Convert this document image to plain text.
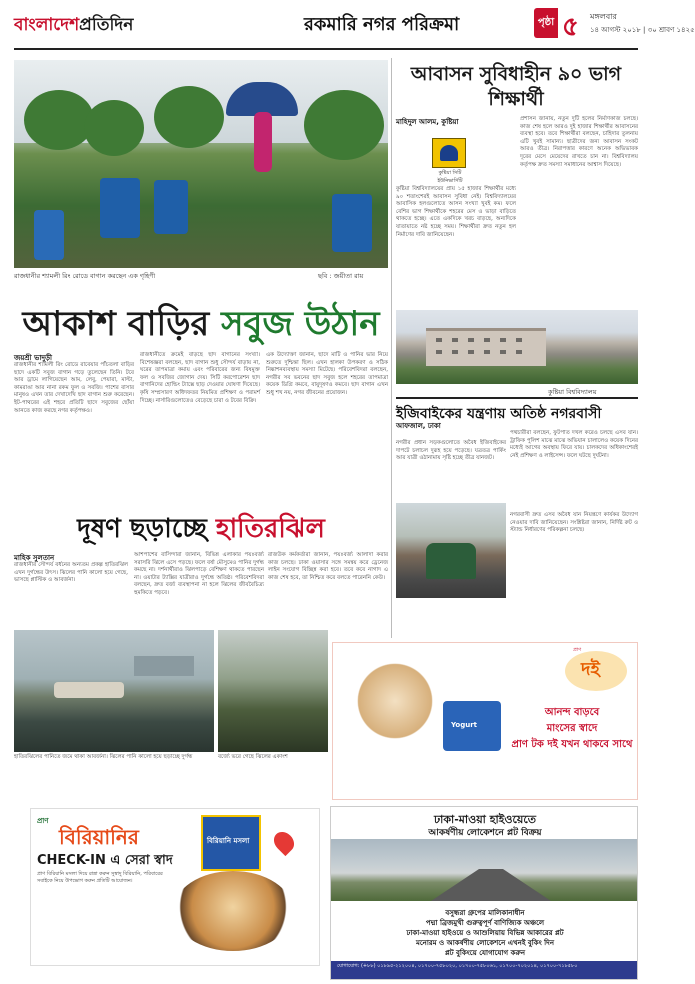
বাংলাদেশপ্রতিদিন	রকমারি নগর পরিক্রমা	পৃষ্ঠা ৫ মঙ্গলবার
১৪ আগস্ট ২০১৮ | ৩০ শ্রাবণ ১৪২৫
রাজধানীর শ্যামলী রিং রোডে বাগান করছেন এক গৃহিণী	ছবি : জয়ীতা রায়
আকাশ বাড়ির সবুজ উঠান
জয়শ্রী ভাদুড়ী
রাজধানীর শ্যামলী রিং রোডে রাবেয়ার পাঁচতলা বাড়ির ছাদে একটি সবুজ বাগান গড়ে তুলেছেন তিনি। টবে আর ড্রামে লাগিয়েছেন আম, লেবু, পেয়ারা, মাল্টা, কামরাঙা আর নানা রকম ফুল ও সবজি। পাশের বাসার মানুষও এখন তার দেখাদেখি ছাদ বাগান শুরু করেছেন। ইট-পাথরের এই শহরে প্রতিটি ছাদে সবুজের ছোঁয়া আনতে কাজ করছে নগর কর্তৃপক্ষও।
রাজধানীতে ক্রমেই বাড়ছে ছাদ বাগানের সংখ্যা। বিশেষজ্ঞরা বলছেন, ছাদ বাগান শুধু সৌন্দর্য বাড়ায় না, ঘরের তাপমাত্রা কমায় এবং পরিবারের জন্য বিষমুক্ত ফল ও সবজির জোগান দেয়। সিটি করপোরেশন ছাদ বাগানিদের হোল্ডিং ট্যাক্সে ছাড় দেওয়ার ঘোষণা দিয়েছে। কৃষি সম্প্রসারণ অধিদফতর নিয়মিত প্রশিক্ষণ ও পরামর্শ দিচ্ছে। নার্সারিগুলোতেও বেড়েছে চারা ও টবের বিক্রি।
এক উদ্যোক্তা জানান, ছাদে মাটি ও পানির ভার নিয়ে শুরুতে দুশ্চিন্তা ছিল। এখন হালকা উপকরণ ও সঠিক নিষ্কাশনব্যবস্থায় সমস্যা মিটেছে। পরিবেশবিদরা বলছেন, নগরীর সব ভবনের ছাদ সবুজ হলে শহরের তাপমাত্রা কয়েক ডিগ্রি কমবে, বায়ুদূষণও কমবে। ছাদ বাগান এখন শুধু শখ নয়, নগর জীবনের প্রয়োজন।
আবাসন সুবিধাহীন ৯০ ভাগ শিক্ষার্থী
মাহিদুল আলম, কুষ্টিয়া
কুষ্টিয়া সিটি ইউনিভার্সিটি
কুষ্টিয়া বিশ্ববিদ্যালয়ের প্রায় ১৫ হাজার শিক্ষার্থীর মধ্যে ৯০ শতাংশেরই আবাসন সুবিধা নেই। বিশ্ববিদ্যালয়ের আবাসিক হলগুলোতে আসন সংখ্যা খুবই কম। ফলে বেশির ভাগ শিক্ষার্থীকে শহরের মেস ও ভাড়া বাড়িতে থাকতে হচ্ছে। এতে একদিকে খরচ বাড়ছে, অন্যদিকে যাতায়াতে নষ্ট হচ্ছে সময়। শিক্ষার্থীরা দ্রুত নতুন হল নির্মাণের দাবি জানিয়েছেন।
প্রশাসন জানায়, নতুন দুটি হলের নির্মাণকাজ চলছে। কাজ শেষ হলে আরও দুই হাজার শিক্ষার্থীর আবাসনের ব্যবস্থা হবে। তবে শিক্ষার্থীরা বলছেন, চাহিদার তুলনায় এটি খুবই সামান্য। ছাত্রীদের জন্য আবাসন সংকট আরও তীব্র। নিরাপত্তার কারণে অনেক অভিভাবক দূরের মেসে মেয়েদের রাখতে চান না। বিশ্ববিদ্যালয় কর্তৃপক্ষ দ্রুত সমস্যা সমাধানের আশ্বাস দিয়েছে।
কুষ্টিয়া বিশ্ববিদ্যালয়
ইজিবাইকের যন্ত্রণায় অতিষ্ঠ নগরবাসী
আফজাল, ঢাকা
নগরীর প্রধান সড়কগুলোতে অবৈধ ইজিবাইকের দাপটে চলাচল দুরূহ হয়ে পড়েছে। যত্রতত্র পার্কিং আর যাত্রী ওঠানামায় সৃষ্টি হচ্ছে তীব্র যানজট।
পথচারীরা বলছেন, ফুটপাত দখল করেও চলছে এসব যান। ট্রাফিক পুলিশ মাঝে মাঝে অভিযান চালালেও কয়েক দিনের মধ্যেই আগের অবস্থায় ফিরে যায়। চালকদের অধিকাংশেরই নেই প্রশিক্ষণ ও লাইসেন্স। ফলে ঘটছে দুর্ঘটনা।
নগরবাসী দ্রুত এসব অবৈধ যান নিয়ন্ত্রণে কার্যকর উদ্যোগ নেওয়ার দাবি জানিয়েছেন। সংশ্লিষ্টরা জানান, নির্দিষ্ট রুট ও স্ট্যান্ড নির্ধারণের পরিকল্পনা চলছে।
দূষণ ছড়াচ্ছে হাতিরঝিল
মাহিক সুলতান
রাজধানীর সৌন্দর্য বর্ধনের অন্যতম প্রকল্প হাতিরঝিল এখন দুর্গন্ধের উৎস। ঝিলের পানি কালো হয়ে গেছে, ভাসছে প্লাস্টিক ও আবর্জনা।
আশপাশের বাসিন্দারা জানান, বিভিন্ন এলাকার পয়ঃবর্জ্য সরাসরি ঝিলে এসে পড়ছে। ফলে বর্ষা মৌসুমেও পানির দুর্গন্ধ কমছে না। দর্শনার্থীরাও ঝিলপাড়ে বেশিক্ষণ থাকতে পারছেন না। ওয়াটার ট্যাক্সির যাত্রীরাও দুর্গন্ধে অতিষ্ঠ। পরিবেশবিদরা বলছেন, দ্রুত বর্জ্য ব্যবস্থাপনা না হলে ঝিলের জীববৈচিত্র্য হুমকিতে পড়বে।
রাজউক কর্মকর্তারা জানান, পয়ঃবর্জ্য আলাদা করার কাজ চলছে। ঢাকা ওয়াসার সঙ্গে সমন্বয় করে ড্রেনেজ লাইন সংযোগ বিচ্ছিন্ন করা হবে। তবে কবে নাগাদ এ কাজ শেষ হবে, তা নিশ্চিত করে বলতে পারেননি কেউ।
হাতিরঝিলের পানিতে জমে থাকা আবর্জনা। ঝিলের পানি কালো হয়ে ছড়াচ্ছে দুর্গন্ধ	বর্জ্যে ভরে গেছে ঝিলের একাংশ
Yogurt
প্রাণ
দই
আনন্দ বাড়বে
মাংসের স্বাদে
প্রাণ টক দই যখন থাকবে সাথে
প্রাণ
বিরিয়ানির
CHECK-IN এ সেরা স্বাদ
প্রাণ বিরিয়ানি মসলা দিয়ে রান্না করুন সুস্বাদু বিরিয়ানি, পরিবারের সবাইকে নিয়ে উপভোগ করুন প্রতিটি আয়োজন।
বিরিয়ানি মসলা
ঢাকা-মাওয়া হাইওয়েতে
আকর্ষণীয় লোকেশনে প্লট বিক্রয়
বসুন্ধরা গ্রুপের মালিকানাধীন
পদ্মা ব্রিজমুখী গুরুত্বপূর্ণ বাণিজ্যিক অঞ্চলে
ঢাকা-মাওয়া হাইওয়ে ও আশুলিয়ায় বিভিন্ন আকারের প্লট
মনোরম ও আকর্ষণীয় লোকেশনে এখনই বুকিং দিন
প্লট বুকিংয়ে যোগাযোগ করুন
যোগাযোগ: (+৮৮) ০১৮৯৫-২১২০০৪, ০১৭০০-৭৫৮০২০, ০১৭০০-৭৫৮০৬১, ০১৭০০-৭০২০১৪, ০১৭০০-৭১৮৫৮০
